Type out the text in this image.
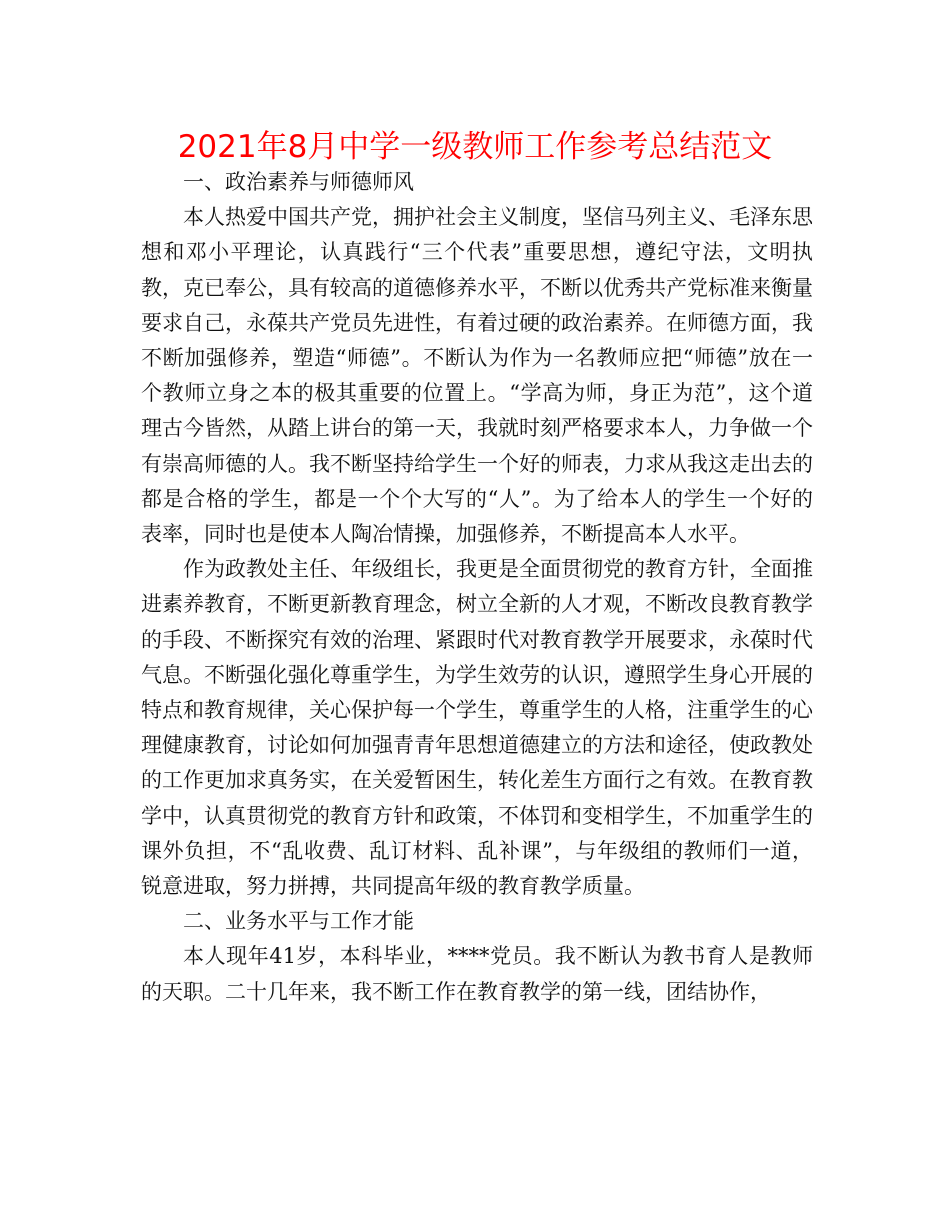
2021年8月中学一级教师工作参考总结范文

一、政治素养与师德师风

本人热爱中国共产党，拥护社会主义制度，坚信马列主义、毛泽东思想和邓小平理论，认真践行“三个代表”重要思想，遵纪守法，文明执教，克已奉公，具有较高的道德修养水平，不断以优秀共产党标准来衡量要求自己，永葆共产党员先进性，有着过硬的政治素养。在师德方面，我不断加强修养，塑造“师德”。不断认为作为一名教师应把“师德”放在一个教师立身之本的极其重要的位置上。“学高为师，身正为范”，这个道理古今皆然，从踏上讲台的第一天，我就时刻严格要求本人，力争做一个有崇高师德的人。我不断坚持给学生一个好的师表，力求从我这走出去的都是合格的学生，都是一个个大写的“人”。为了给本人的学生一个好的表率，同时也是使本人陶冶情操，加强修养，不断提高本人水平。

作为政教处主任、年级组长，我更是全面贯彻党的教育方针，全面推进素养教育，不断更新教育理念，树立全新的人才观，不断改良教育教学的手段、不断探究有效的治理、紧跟时代对教育教学开展要求，永葆时代气息。不断强化强化尊重学生，为学生效劳的认识，遵照学生身心开展的特点和教育规律，关心保护每一个学生，尊重学生的人格，注重学生的心理健康教育，讨论如何加强青青年思想道德建立的方法和途径，使政教处的工作更加求真务实，在关爱暂困生，转化差生方面行之有效。在教育教学中，认真贯彻党的教育方针和政策，不体罚和变相学生，不加重学生的课外负担，不“乱收费、乱订材料、乱补课”，与年级组的教师们一道，锐意进取，努力拼搏，共同提高年级的教育教学质量。

二、业务水平与工作才能

本人现年41岁，本科毕业，****党员。我不断认为教书育人是教师的天职。二十几年来，我不断工作在教育教学的第一线，团结协作，
